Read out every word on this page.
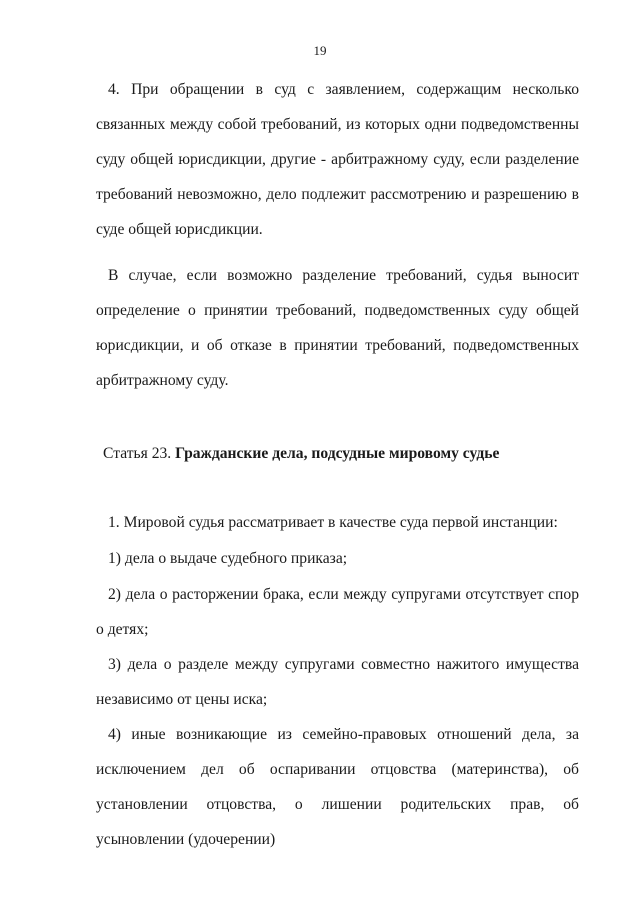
19

4. При обращении в суд с заявлением, содержащим несколько связанных между собой требований, из которых одни подведомственны суду общей юрисдикции, другие - арбитражному суду, если разделение требований невозможно, дело подлежит рассмотрению и разрешению в суде общей юрисдикции.

В случае, если возможно разделение требований, судья выносит определение о принятии требований, подведомственных суду общей юрисдикции, и об отказе в принятии требований, подведомственных арбитражному суду.

Статья 23. Гражданские дела, подсудные мировому судье

1. Мировой судья рассматривает в качестве суда первой инстанции:

1) дела о выдаче судебного приказа;

2) дела о расторжении брака, если между супругами отсутствует спор о детях;

3) дела о разделе между супругами совместно нажитого имущества независимо от цены иска;

4) иные возникающие из семейно-правовых отношений дела, за исключением дел об оспаривании отцовства (материнства), об установлении отцовства, о лишении родительских прав, об усыновлении (удочерении)
